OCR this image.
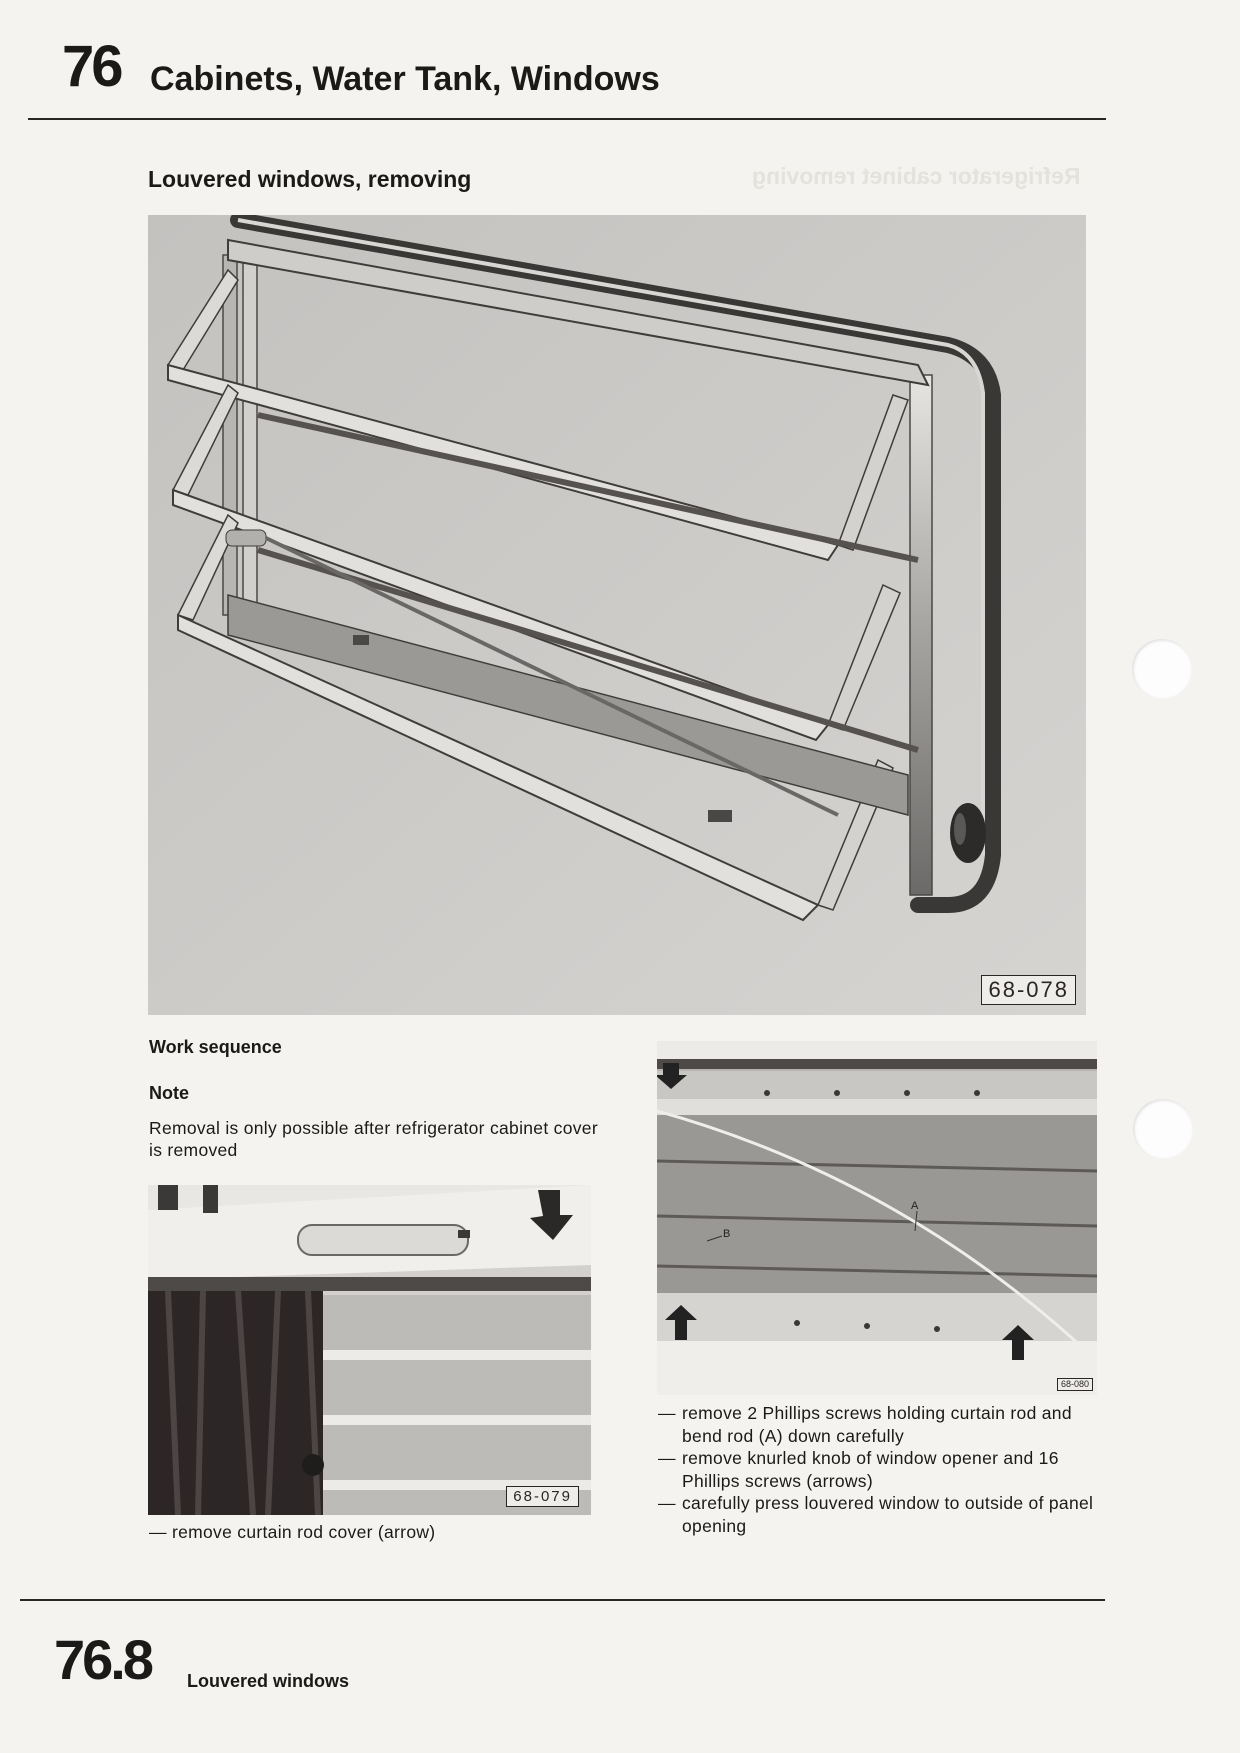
76 Cabinets, Water Tank, Windows
Louvered windows, removing	Refrigerator cabinet removing
68-078
Work sequence
Note
Removal is only possible after refrigerator cabinet cover is removed
68-079
— remove curtain rod cover (arrow)
A
B
68-080
— remove 2 Phillips screws holding curtain rod and bend rod (A) down carefully
— remove knurled knob of window opener and 16 Phillips screws (arrows)
— carefully press louvered window to outside of panel opening
76.8 Louvered windows
